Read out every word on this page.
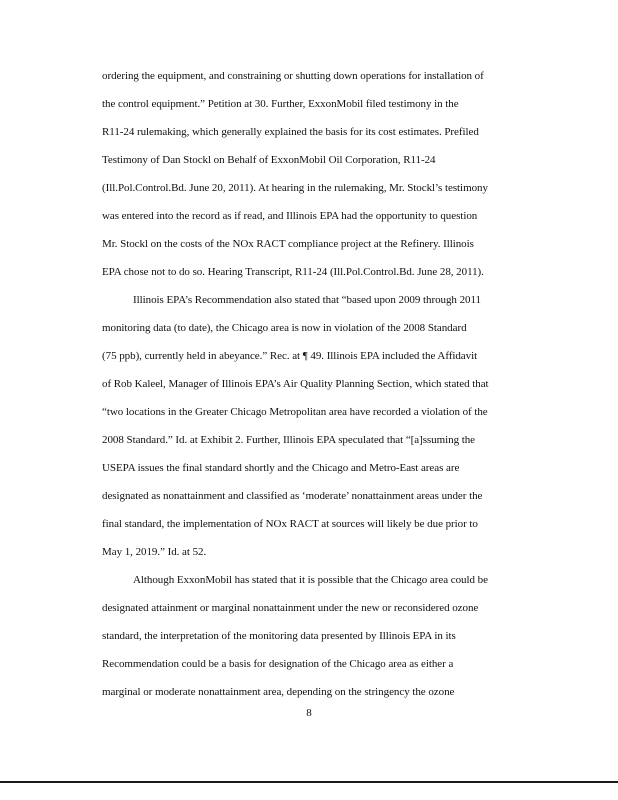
ordering the equipment, and constraining or shutting down operations for installation of
the control equipment.” Petition at 30. Further, ExxonMobil filed testimony in the
R11-24 rulemaking, which generally explained the basis for its cost estimates. Prefiled
Testimony of Dan Stockl on Behalf of ExxonMobil Oil Corporation, R11-24
(Ill.Pol.Control.Bd. June 20, 2011). At hearing in the rulemaking, Mr. Stockl’s testimony
was entered into the record as if read, and Illinois EPA had the opportunity to question
Mr. Stockl on the costs of the NOx RACT compliance project at the Refinery. Illinois
EPA chose not to do so. Hearing Transcript, R11-24 (Ill.Pol.Control.Bd. June 28, 2011).
Illinois EPA’s Recommendation also stated that “based upon 2009 through 2011
monitoring data (to date), the Chicago area is now in violation of the 2008 Standard
(75 ppb), currently held in abeyance.” Rec. at ¶ 49. Illinois EPA included the Affidavit
of Rob Kaleel, Manager of Illinois EPA’s Air Quality Planning Section, which stated that
“two locations in the Greater Chicago Metropolitan area have recorded a violation of the
2008 Standard.” Id. at Exhibit 2. Further, Illinois EPA speculated that “[a]ssuming the
USEPA issues the final standard shortly and the Chicago and Metro-East areas are
designated as nonattainment and classified as ‘moderate’ nonattainment areas under the
final standard, the implementation of NOx RACT at sources will likely be due prior to
May 1, 2019.” Id. at 52.
Although ExxonMobil has stated that it is possible that the Chicago area could be
designated attainment or marginal nonattainment under the new or reconsidered ozone
standard, the interpretation of the monitoring data presented by Illinois EPA in its
Recommendation could be a basis for designation of the Chicago area as either a
marginal or moderate nonattainment area, depending on the stringency the ozone
8
